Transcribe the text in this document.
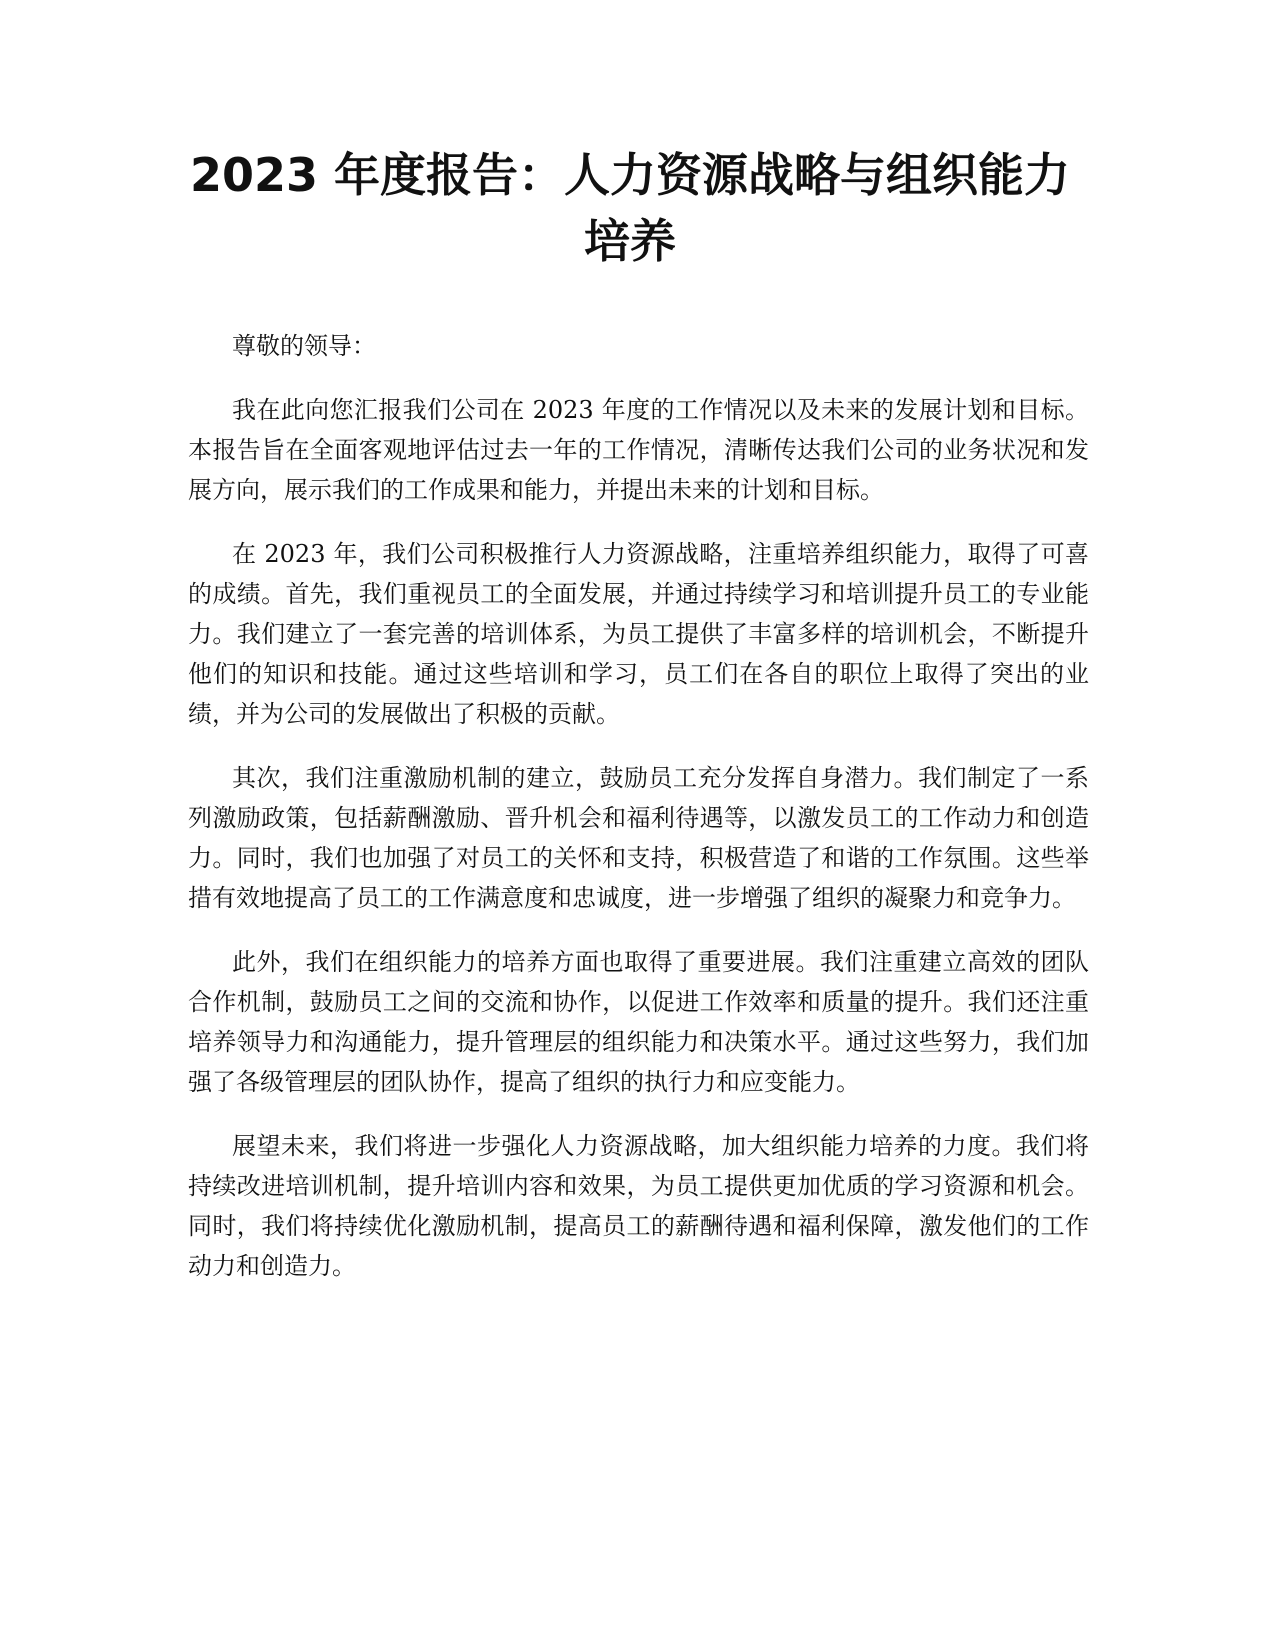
2023 年度报告：人力资源战略与组织能力培养

尊敬的领导：

我在此向您汇报我们公司在 2023 年度的工作情况以及未来的发展计划和目标。本报告旨在全面客观地评估过去一年的工作情况，清晰传达我们公司的业务状况和发展方向，展示我们的工作成果和能力，并提出未来的计划和目标。

在 2023 年，我们公司积极推行人力资源战略，注重培养组织能力，取得了可喜的成绩。首先，我们重视员工的全面发展，并通过持续学习和培训提升员工的专业能力。我们建立了一套完善的培训体系，为员工提供了丰富多样的培训机会，不断提升他们的知识和技能。通过这些培训和学习，员工们在各自的职位上取得了突出的业绩，并为公司的发展做出了积极的贡献。

其次，我们注重激励机制的建立，鼓励员工充分发挥自身潜力。我们制定了一系列激励政策，包括薪酬激励、晋升机会和福利待遇等，以激发员工的工作动力和创造力。同时，我们也加强了对员工的关怀和支持，积极营造了和谐的工作氛围。这些举措有效地提高了员工的工作满意度和忠诚度，进一步增强了组织的凝聚力和竞争力。

此外，我们在组织能力的培养方面也取得了重要进展。我们注重建立高效的团队合作机制，鼓励员工之间的交流和协作，以促进工作效率和质量的提升。我们还注重培养领导力和沟通能力，提升管理层的组织能力和决策水平。通过这些努力，我们加强了各级管理层的团队协作，提高了组织的执行力和应变能力。

展望未来，我们将进一步强化人力资源战略，加大组织能力培养的力度。我们将持续改进培训机制，提升培训内容和效果，为员工提供更加优质的学习资源和机会。同时，我们将持续优化激励机制，提高员工的薪酬待遇和福利保障，激发他们的工作动力和创造力。
